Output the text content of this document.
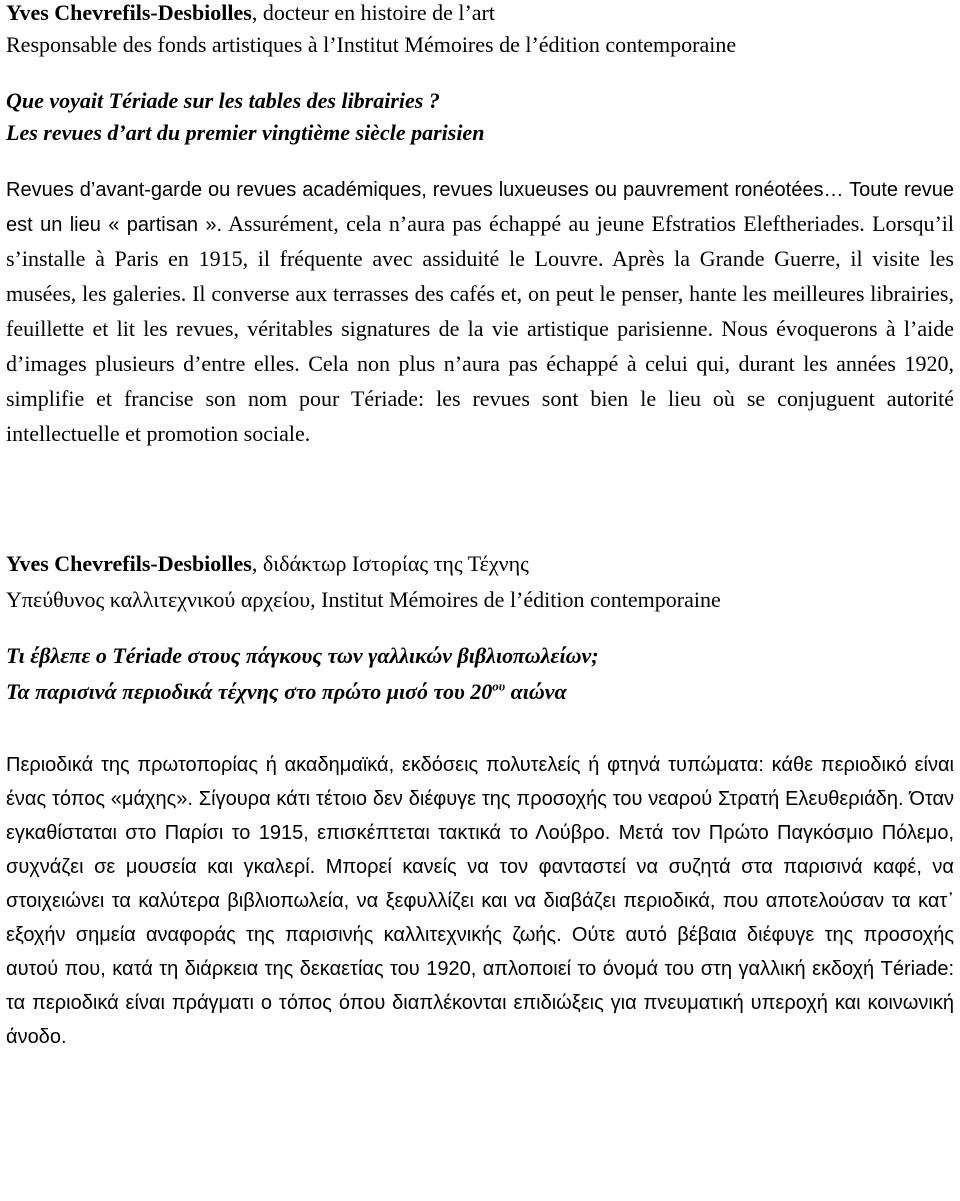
Yves Chevrefils-Desbiolles, docteur en histoire de l’art
Responsable des fonds artistiques à l’Institut Mémoires de l’édition contemporaine
Que voyait Tériade sur les tables des librairies ?
Les revues d’art du premier vingtième siècle parisien

Revues d’avant-garde ou revues académiques, revues luxueuses ou pauvrement ronéotées… Toute revue est un lieu « partisan ». Assurément, cela n’aura pas échappé au jeune Efstratios Eleftheriades. Lorsqu’il s’installe à Paris en 1915, il fréquente avec assiduité le Louvre. Après la Grande Guerre, il visite les musées, les galeries. Il converse aux terrasses des cafés et, on peut le penser, hante les meilleures librairies, feuillette et lit les revues, véritables signatures de la vie artistique parisienne. Nous évoquerons à l’aide d’images plusieurs d’entre elles. Cela non plus n’aura pas échappé à celui qui, durant les années 1920, simplifie et francise son nom pour Tériade: les revues sont bien le lieu où se conjuguent autorité intellectuelle et promotion sociale.

Yves Chevrefils-Desbiolles, διδάκτωρ Ιστορίας της Τέχνης
Υπεύθυνος καλλιτεχνικού αρχείου, Institut Mémoires de l’édition contemporaine
Τι έβλεπε ο Tériade στους πάγκους των γαλλικών βιβλιοπωλείων;
Τα παρισινά περιοδικά τέχνης στο πρώτο μισό του $20^{o\upsilon}$ αιώνα

Περιοδικά της πρωτοπορίας ή ακαδημαϊκά, εκδόσεις πολυτελείς ή φτηνά τυπώματα: κάθε περιοδικό είναι ένας τόπος «μάχης». Σίγουρα κάτι τέτοιο δεν διέφυγε της προσοχής του νεαρού Στρατή Ελευθεριάδη. Όταν εγκαθίσταται στο Παρίσι το 1915, επισκέπτεται τακτικά το Λούβρο. Μετά τον Πρώτο Παγκόσμιο Πόλεμο, συχνάζει σε μουσεία και γκαλερί. Μπορεί κανείς να τον φανταστεί να συζητά στα παρισινά καφέ, να στοιχειώνει τα καλύτερα βιβλιοπωλεία, να ξεφυλλίζει και να διαβάζει περιοδικά, που αποτελούσαν τα κατ᾽ εξοχήν σημεία αναφοράς της παρισινής καλλιτεχνικής ζωής. Ούτε αυτό βέβαια διέφυγε της προσοχής αυτού που, κατά τη διάρκεια της δεκαετίας του 1920, απλοποιεί το όνομά του στη γαλλική εκδοχή Tériade: τα περιοδικά είναι πράγματι ο τόπος όπου διαπλέκονται επιδιώξεις για πνευματική υπεροχή και κοινωνική άνοδο.
